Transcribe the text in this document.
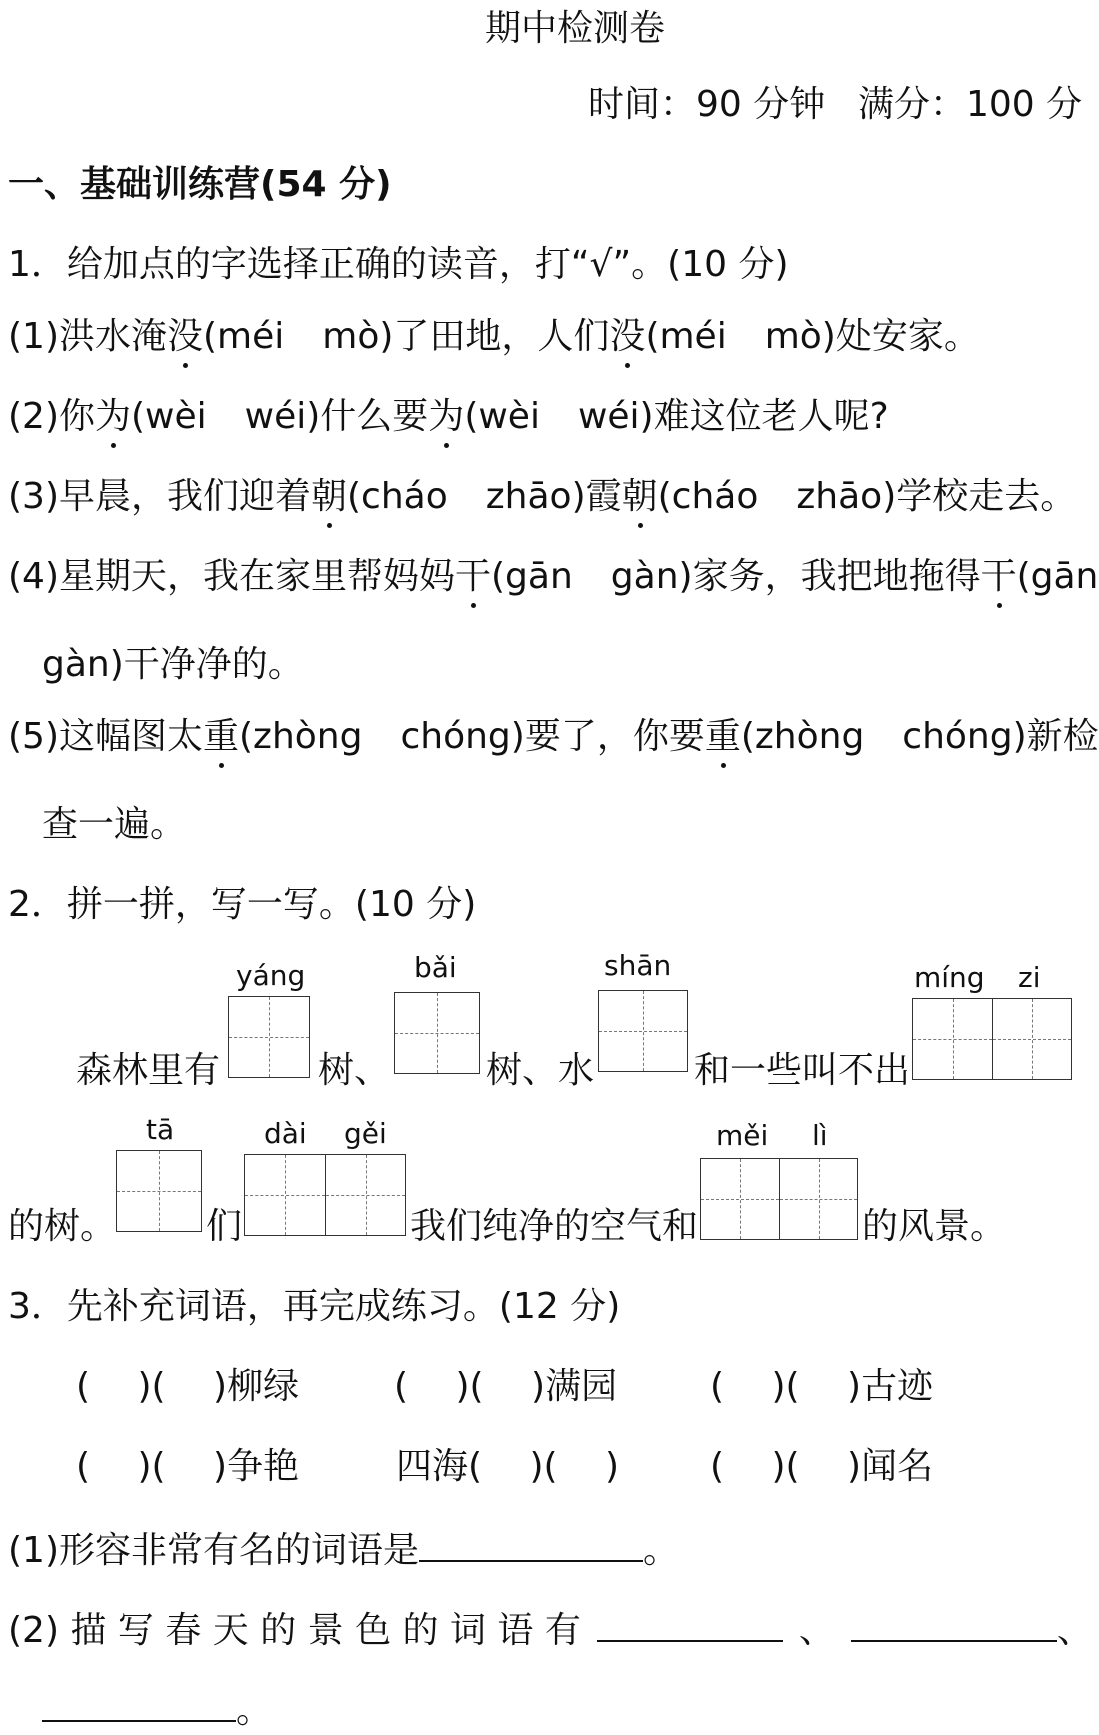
期中检测卷
时间：90 分钟 满分：100 分
一、基础训练营(54 分)
1．给加点的字选择正确的读音，打“√”。(10 分)
(1)洪水淹没(méi mò)了田地，人们没(méi mò)处安家。
(2)你为(wèi wéi)什么要为(wèi wéi)难这位老人呢?
(3)早晨，我们迎着朝(cháo zhāo)霞朝(cháo zhāo)学校走去。
(4)星期天，我在家里帮妈妈干(gān gàn)家务，我把地拖得干(gān
gàn)干净净的。
(5)这幅图太重(zhòng chóng)要了，你要重(zhòng chóng)新检
查一遍。
2．拼一拼，写一写。(10 分)
yáng	bǎi	shān	míng zi
森林里有	树、	树、水	和一些叫不出
tā	dài gěi	měi lì
的树。 们	我们纯净的空气和	的风景。
3．先补充词语，再完成练习。(12 分)
(　 )(　 )柳绿	(　 )(　 )满园	(　 )(　 )古迹
(　 )(　 )争艳	四海(　 )(　 )	(　 )(　 )闻名
(1)形容非常有名的词语是	。
(2) 描 写 春 天 的 景 色 的 词 语 有	、	、
。
